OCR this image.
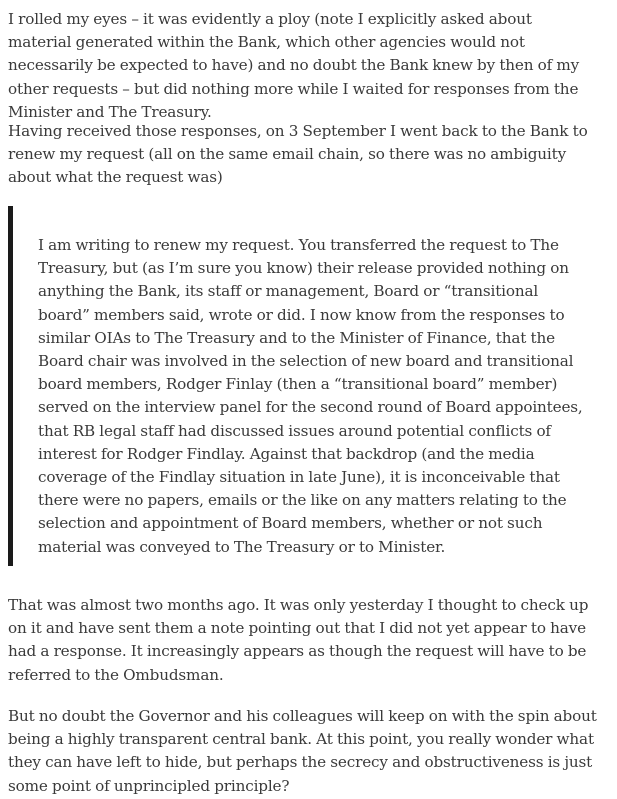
I rolled my eyes – it was evidently a ploy (note I explicitly asked about material generated within the Bank, which other agencies would not necessarily be expected to have) and no doubt the Bank knew by then of my other requests – but did nothing more while I waited for responses from the Minister and The Treasury.

Having received those responses, on 3 September I went back to the Bank to renew my request (all on the same email chain, so there was no ambiguity about what the request was)

I am writing to renew my request. You transferred the request to The Treasury, but (as I’m sure you know) their release provided nothing on anything the Bank, its staff or management, Board or “transitional board” members said, wrote or did. I now know from the responses to similar OIAs to The Treasury and to the Minister of Finance, that the Board chair was involved in the selection of new board and transitional board members, Rodger Finlay (then a “transitional board” member) served on the interview panel for the second round of Board appointees, that RB legal staff had discussed issues around potential conflicts of interest for Rodger Findlay. Against that backdrop (and the media coverage of the Findlay situation in late June), it is inconceivable that there were no papers, emails or the like on any matters relating to the selection and appointment of Board members, whether or not such material was conveyed to The Treasury or to Minister.

That was almost two months ago. It was only yesterday I thought to check up on it and have sent them a note pointing out that I did not yet appear to have had a response. It increasingly appears as though the request will have to be referred to the Ombudsman.

But no doubt the Governor and his colleagues will keep on with the spin about being a highly transparent central bank. At this point, you really wonder what they can have left to hide, but perhaps the secrecy and obstructiveness is just some point of unprincipled principle?
